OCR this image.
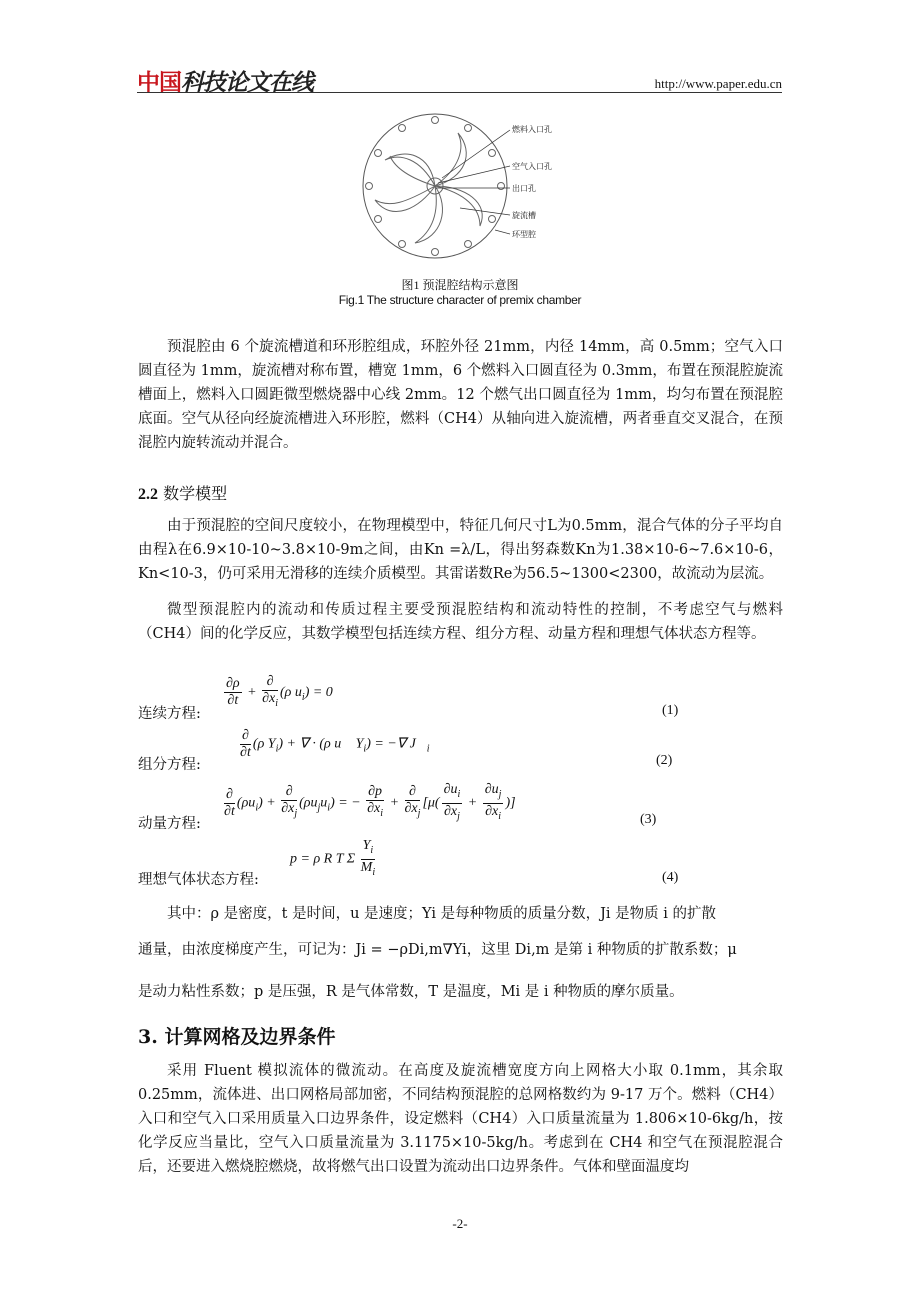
中国科技论文在线	http://www.paper.edu.cn
燃料入口孔
空气入口孔
出口孔
旋流槽
环型腔
图1 预混腔结构示意图
Fig.1 The structure character of premix chamber
预混腔由 6 个旋流槽道和环形腔组成，环腔外径 21mm，内径 14mm，高 0.5mm；空气入口圆直径为 1mm，旋流槽对称布置，槽宽 1mm，6 个燃料入口圆直径为 0.3mm，布置在预混腔旋流槽面上，燃料入口圆距微型燃烧器中心线 2mm。12 个燃气出口圆直径为 1mm，均匀布置在预混腔底面。空气从径向经旋流槽进入环形腔，燃料（CH4）从轴向进入旋流槽，两者垂直交叉混合，在预混腔内旋转流动并混合。
2.2 数学模型
由于预混腔的空间尺度较小，在物理模型中，特征几何尺寸L为0.5mm，混合气体的分子平均自由程λ在6.9×10-10~3.8×10-9m之间，由Kn =λ/L，得出努森数Kn为1.38×10-6~7.6×10-6，Kn<10-3，仍可采用无滑移的连续介质模型。其雷诺数Re为56.5~1300<2300，故流动为层流。
微型预混腔内的流动和传质过程主要受预混腔结构和流动特性的控制，不考虑空气与燃料（CH4）间的化学反应，其数学模型包括连续方程、组分方程、动量方程和理想气体状态方程等。
$\frac{\partial\rho}{\partial t}$ +
∂
$\partial x_i$
(ρ $u_i) = 0$
连续方程:	(1)
∂
∂t
(ρ $Y_i$) + ∇ · (ρ u⃗ $Y_i$) = −∇ $J⃗_i$
组分方程:	(2)
∂
∂t
$(\rho u_i)$ +
∂
$\partial x_j$
$(\rho u_ju_i)$ = − $\frac{\partial p}{\partial x_i}$ +
∂
$\partial x_j$
[$\mu( \frac{\partial u_i}{\partial x_j} + \frac{\partial u_j}{\partial x_i}$ )]
动量方程:	(3)
p = ρ R T Σ $\frac{Y_i}{M_i}$
理想气体状态方程:	(4)
其中：ρ 是密度，t 是时间，u 是速度；Yi 是每种物质的质量分数，Ji 是物质 i 的扩散
通量，由浓度梯度产生，可记为：Ji = −ρDi,m∇Yi，这里 Di,m 是第 i 种物质的扩散系数；μ
是动力粘性系数；p 是压强，R 是气体常数，T 是温度，Mi 是 i 种物质的摩尔质量。
3. 计算网格及边界条件
采用 Fluent 模拟流体的微流动。在高度及旋流槽宽度方向上网格大小取 0.1mm，其余取0.25mm，流体进、出口网格局部加密，不同结构预混腔的总网格数约为 9-17 万个。燃料（CH4）入口和空气入口采用质量入口边界条件，设定燃料（CH4）入口质量流量为 1.806×10-6kg/h，按化学反应当量比，空气入口质量流量为 3.1175×10-5kg/h。考虑到在 CH4 和空气在预混腔混合后，还要进入燃烧腔燃烧，故将燃气出口设置为流动出口边界条件。气体和壁面温度均
-2-
